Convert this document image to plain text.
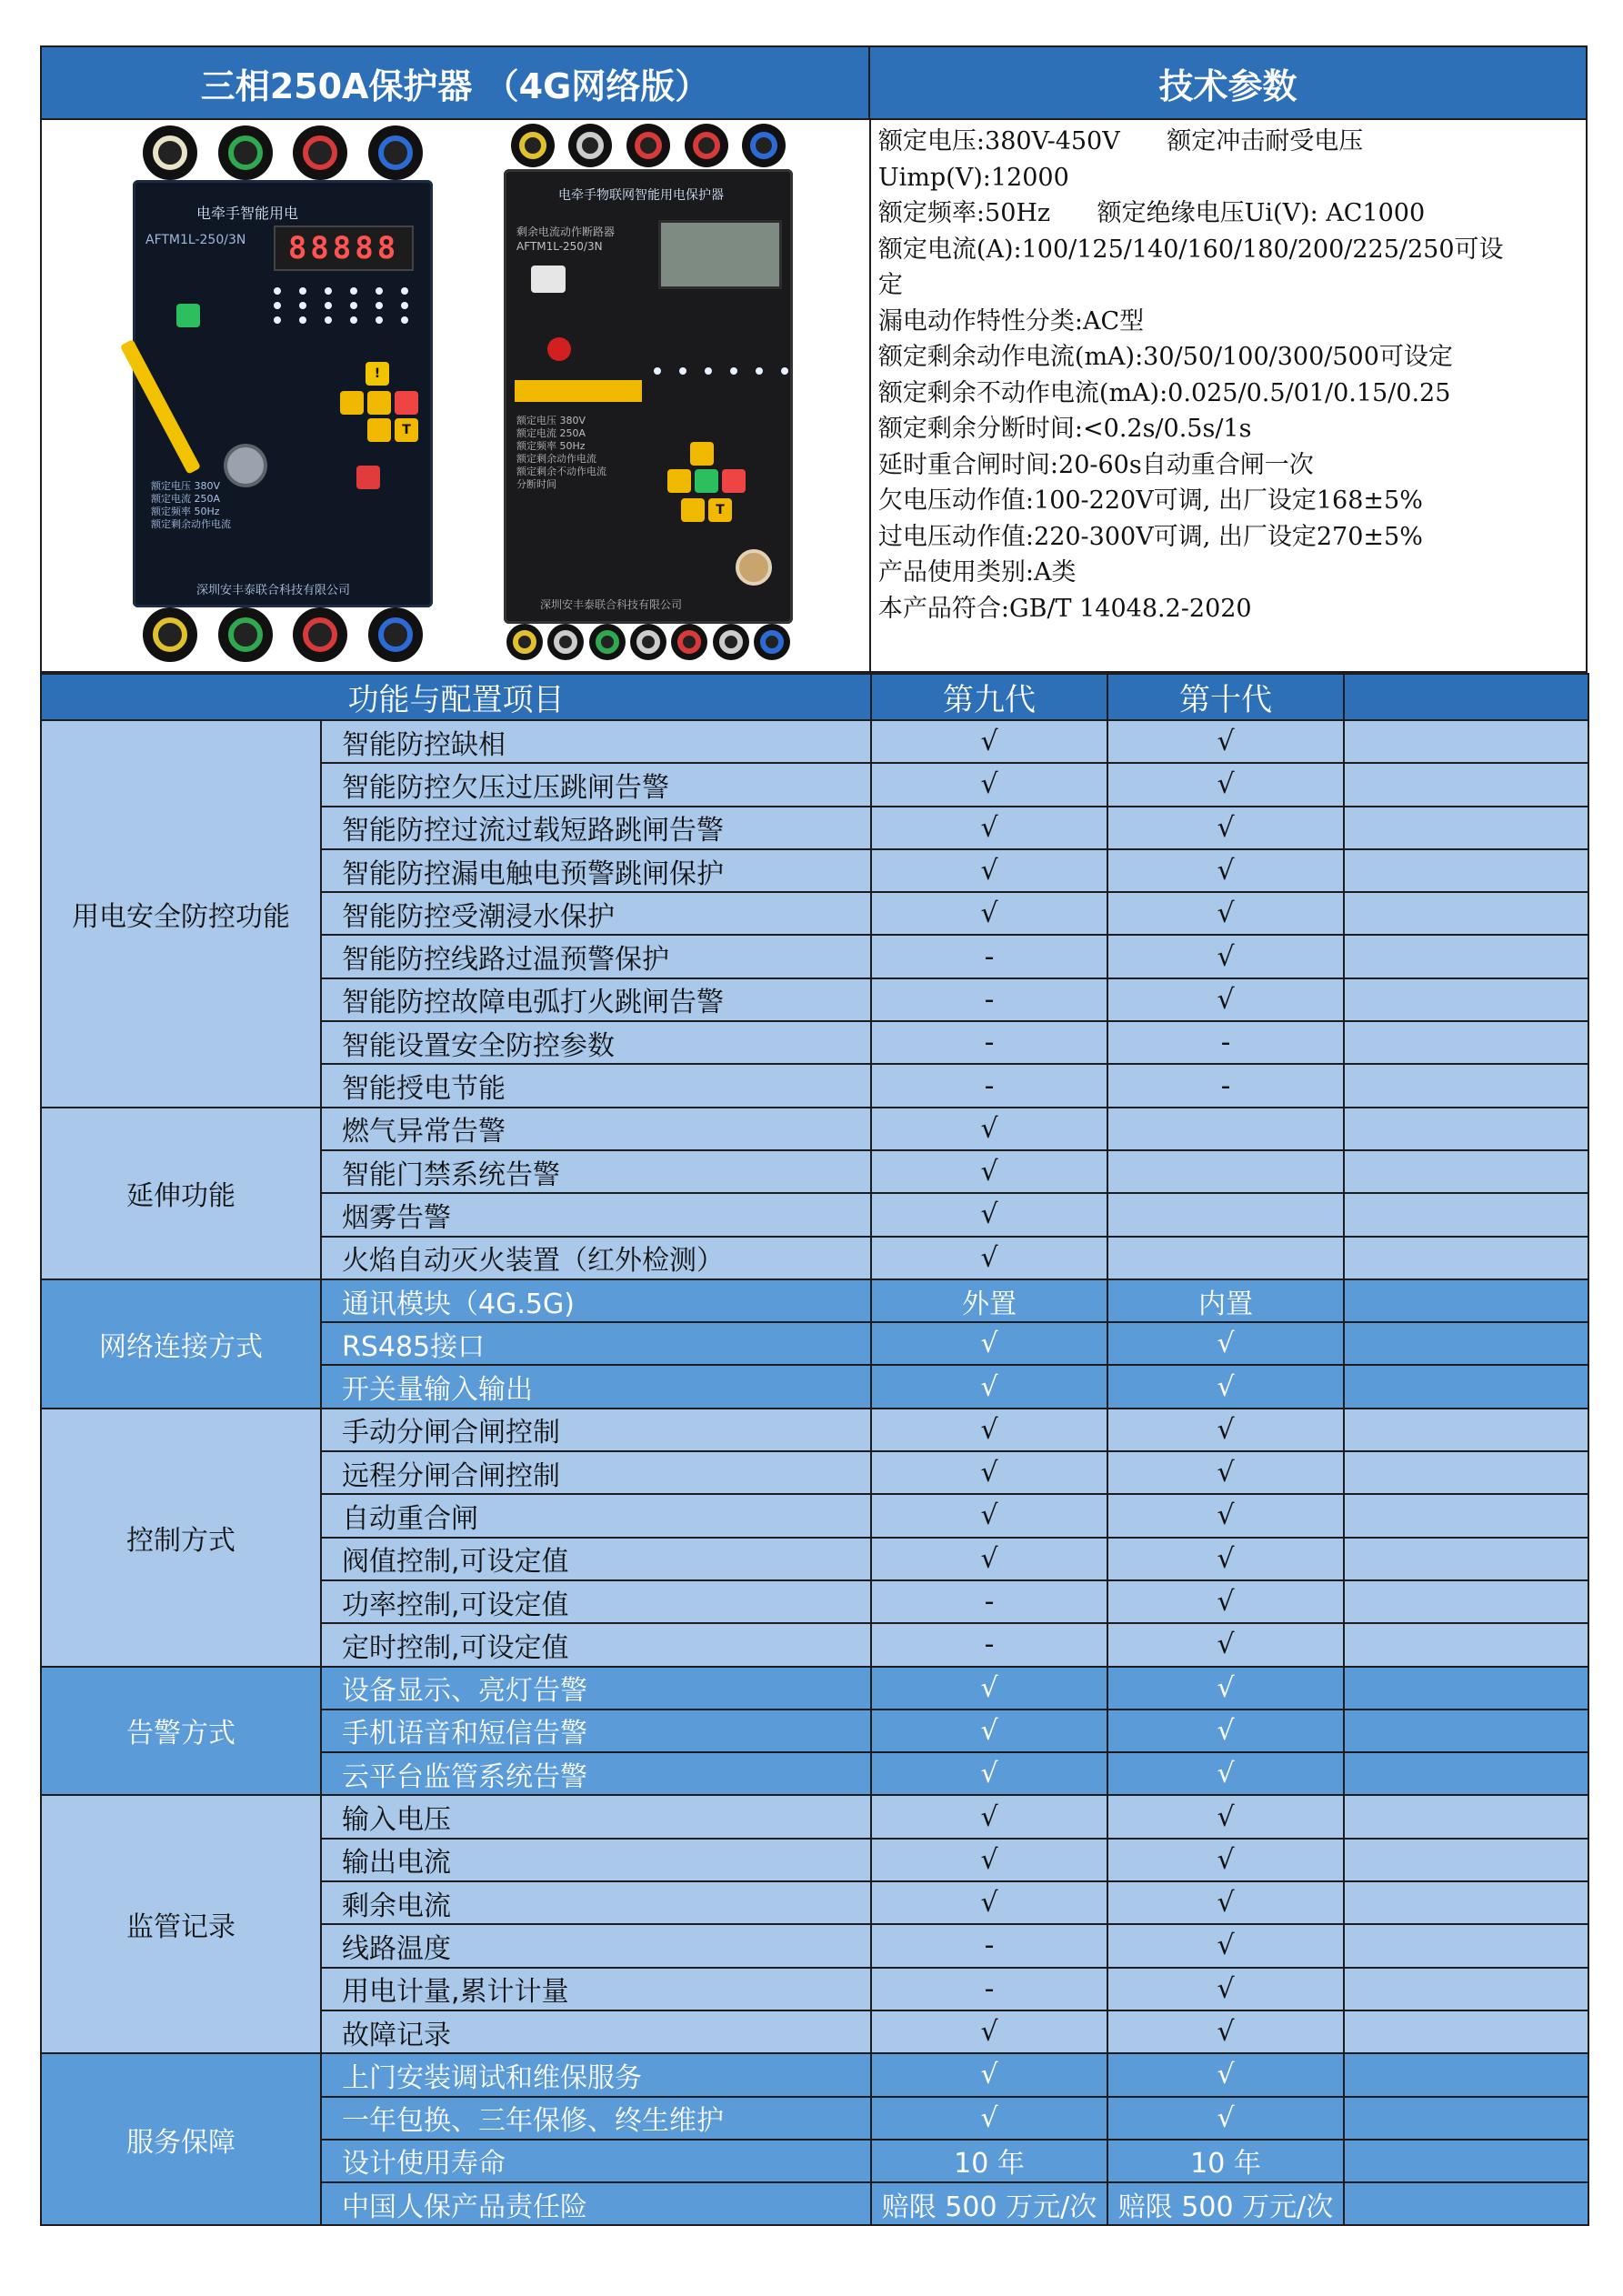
三相250A保护器 （4G网络版）	技术参数
电牵手智能用电
AFTM1L-250/3N	88888
!
T
额定电压 380V
额定电流 250A
额定频率 50Hz
额定剩余动作电流
深圳安丰泰联合科技有限公司
电牵手物联网智能用电保护器
剩余电流动作断路器
AFTM1L-250/3N
额定电压 380V
额定电流 250A
额定频率 50Hz
额定剩余动作电流
额定剩余不动作电流
分断时间
T
深圳安丰泰联合科技有限公司
额定电压:380V-450V      额定冲击耐受电压
Uimp(V):12000
额定频率:50Hz      额定绝缘电压Ui(V): AC1000
额定电流(A):100/125/140/160/180/200/225/250可设
定
漏电动作特性分类:AC型
额定剩余动作电流(mA):30/50/100/300/500可设定
额定剩余不动作电流(mA):0.025/0.5/01/0.15/0.25
额定剩余分断时间:<0.2s/0.5s/1s
延时重合闸时间:20-60s自动重合闸一次
欠电压动作值:100-220V可调, 出厂设定168±5%
过电压动作值:220-300V可调, 出厂设定270±5%
产品使用类别:A类
本产品符合:GB/T 14048.2-2020
功能与配置项目		第九代	第十代	
用电安全防控功能	智能防控缺相	√	√	
	智能防控欠压过压跳闸告警	√	√	
	智能防控过流过载短路跳闸告警	√	√	
	智能防控漏电触电预警跳闸保护	√	√	
	智能防控受潮浸水保护	√	√	
	智能防控线路过温预警保护	-	√	
	智能防控故障电弧打火跳闸告警	-	√	
	智能设置安全防控参数	-	-	
	智能授电节能	-	-	
延伸功能	燃气异常告警	√		
	智能门禁系统告警	√		
	烟雾告警	√		
	火焰自动灭火装置（红外检测）	√		
网络连接方式	通讯模块（4G.5G)	外置	内置	
	RS485接口	√	√	
	开关量输入输出	√	√	
控制方式	手动分闸合闸控制	√	√	
	远程分闸合闸控制	√	√	
	自动重合闸	√	√	
	阀值控制,可设定值	√	√	
	功率控制,可设定值	-	√	
	定时控制,可设定值	-	√	
告警方式	设备显示、亮灯告警	√	√	
	手机语音和短信告警	√	√	
	云平台监管系统告警	√	√	
监管记录	输入电压	√	√	
	输出电流	√	√	
	剩余电流	√	√	
	线路温度	-	√	
	用电计量,累计计量	-	√	
	故障记录	√	√	
服务保障	上门安装调试和维保服务	√	√	
	一年包换、三年保修、终生维护	√	√	
	设计使用寿命	10 年	10 年	
	中国人保产品责任险	赔限 500 万元/次	赔限 500 万元/次	
